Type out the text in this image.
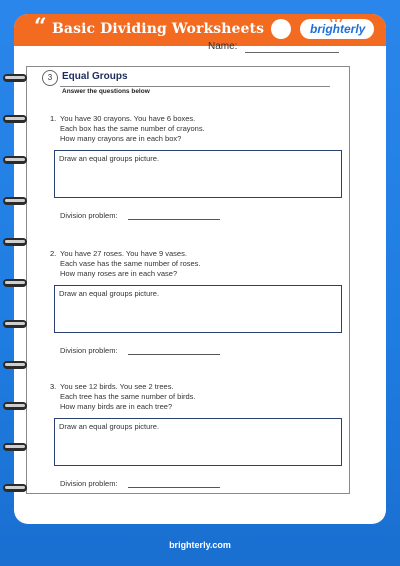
“ Basic Dividing Worksheets	brighterly
Name:
3 Equal Groups
Answer the questions below
1. You have 30 crayons. You have 6 boxes.
Each box has the same number of crayons.
How many crayons are in each box?
Draw an equal groups picture.
Division problem:
2. You have 27 roses. You have 9 vases.
Each vase has the same number of roses.
How many roses are in each vase?
Draw an equal groups picture.
Division problem:
3. You see 12 birds. You see 2 trees.
Each tree has the same number of birds.
How many birds are in each tree?
Draw an equal groups picture.
Division problem:
brighterly.com
